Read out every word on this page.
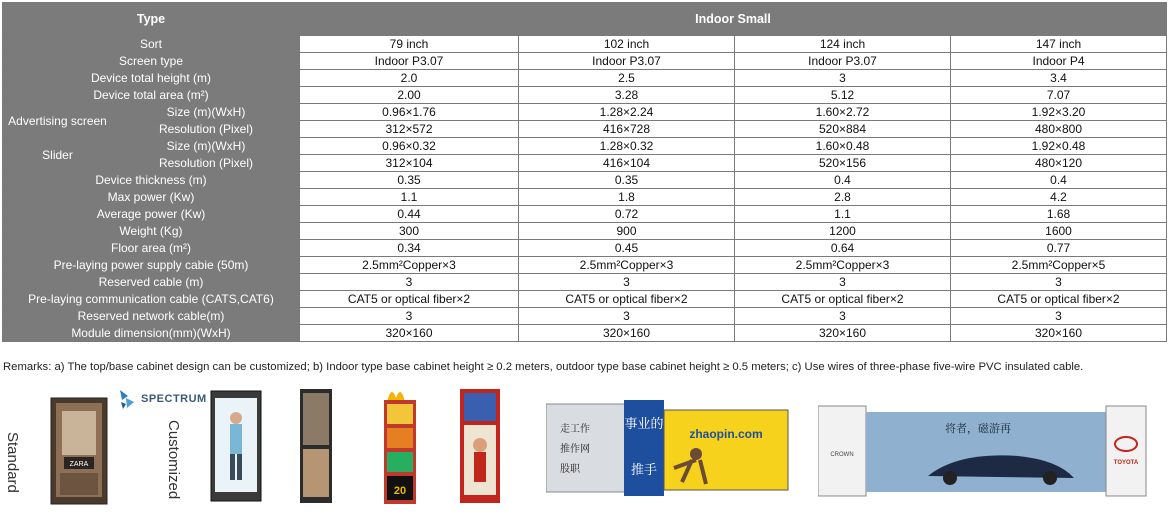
Type		Indoor Small			
Sort		79 inch	102 inch	124 inch	147 inch
Screen type		Indoor P3.07	Indoor P3.07	Indoor P3.07	Indoor P4
Device total height (m)		2.0	2.5	3	3.4
Device total area (m²)		2.00	3.28	5.12	7.07
Advertising screen	Size (m)(WxH)	0.96×1.76	1.28×2.24	1.60×2.72	1.92×3.20
	Resolution (Pixel)	312×572	416×728	520×884	480×800
Slider	Size (m)(WxH)	0.96×0.32	1.28×0.32	1.60×0.48	1.92×0.48
	Resolution (Pixel)	312×104	416×104	520×156	480×120
Device thickness (m)		0.35	0.35	0.4	0.4
Max power (Kw)		1.1	1.8	2.8	4.2
Average power (Kw)		0.44	0.72	1.1	1.68
Weight (Kg)		300	900	1200	1600
Floor area (m²)		0.34	0.45	0.64	0.77
Pre-laying power supply cabie (50m)		2.5mm²Copper×3	2.5mm²Copper×3	2.5mm²Copper×3	2.5mm²Copper×5
Reserved cable (m)		3	3	3	3
Pre-laying communication cable (CATS,CAT6)		CAT5 or optical fiber×2	CAT5 or optical fiber×2	CAT5 or optical fiber×2	CAT5 or optical fiber×2
Reserved network cable(m)		3	3	3	3
Module dimension(mm)(WxH)		320×160	320×160	320×160	320×160
Remarks: a) The top/base cabinet design can be customized; b) Indoor type base cabinet height ≥ 0.2 meters, outdoor type base cabinet height ≥ 0.5 meters; c) Use wires of three-phase five-wire PVC insulated cable.
Standard	ZARA
SPECTRUM
Customized	20
走工作
推作网
股职
事业的
推手
zhaopin.com
CROWN
将者，磁游再
TOYOTA
